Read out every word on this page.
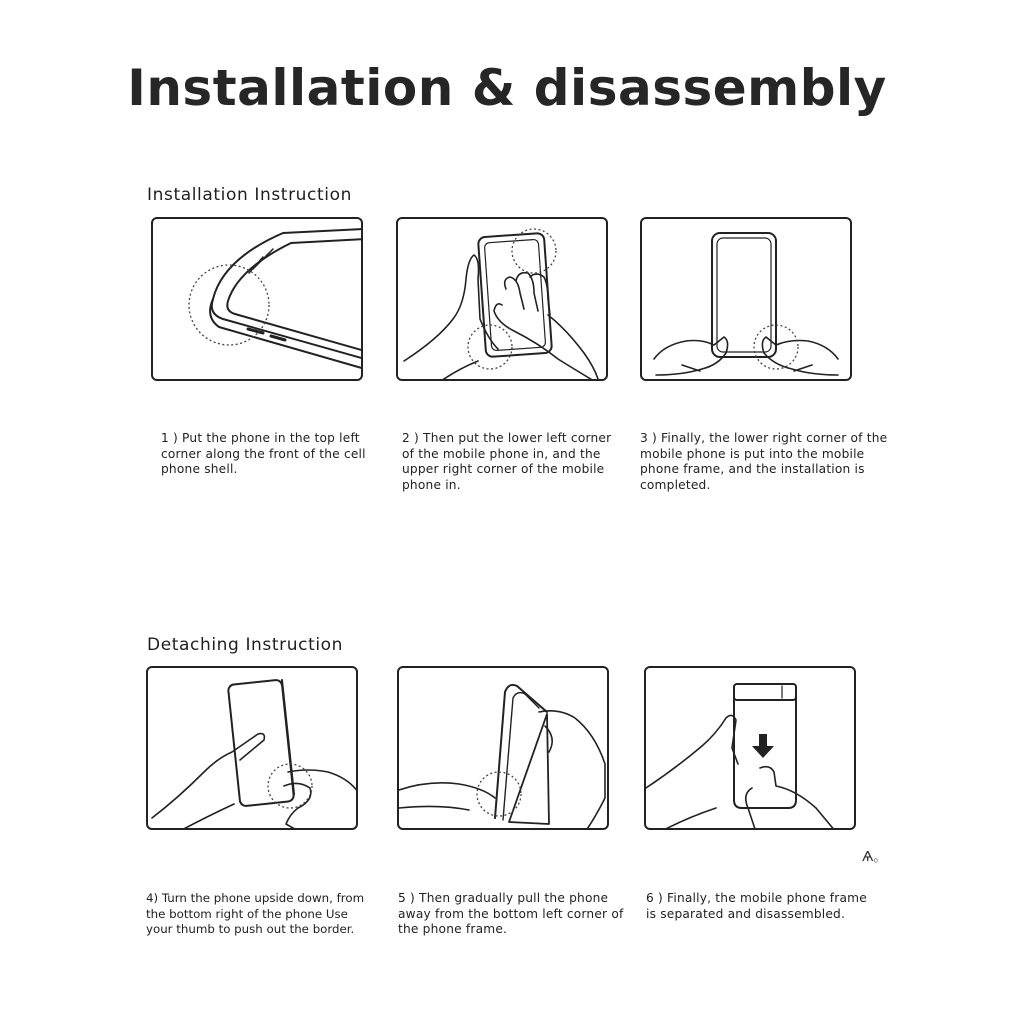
Installation & disassembly
Installation Instruction
1 ) Put the phone in the top left corner along the front of the cell phone shell.
2 ) Then put the lower left corner of the mobile phone in, and the upper right corner of the mobile phone in.
3 ) Finally, the lower right corner of the mobile phone is put into the mobile phone frame, and the installation is completed.
Detaching Instruction
4) Turn the phone upside down, from the bottom right of the phone Use your thumb to push out the border.
5 ) Then gradually pull the phone away from the bottom left corner of the phone frame.
6 ) Finally, the mobile phone frame is separated and disassembled.
Ѧ。
